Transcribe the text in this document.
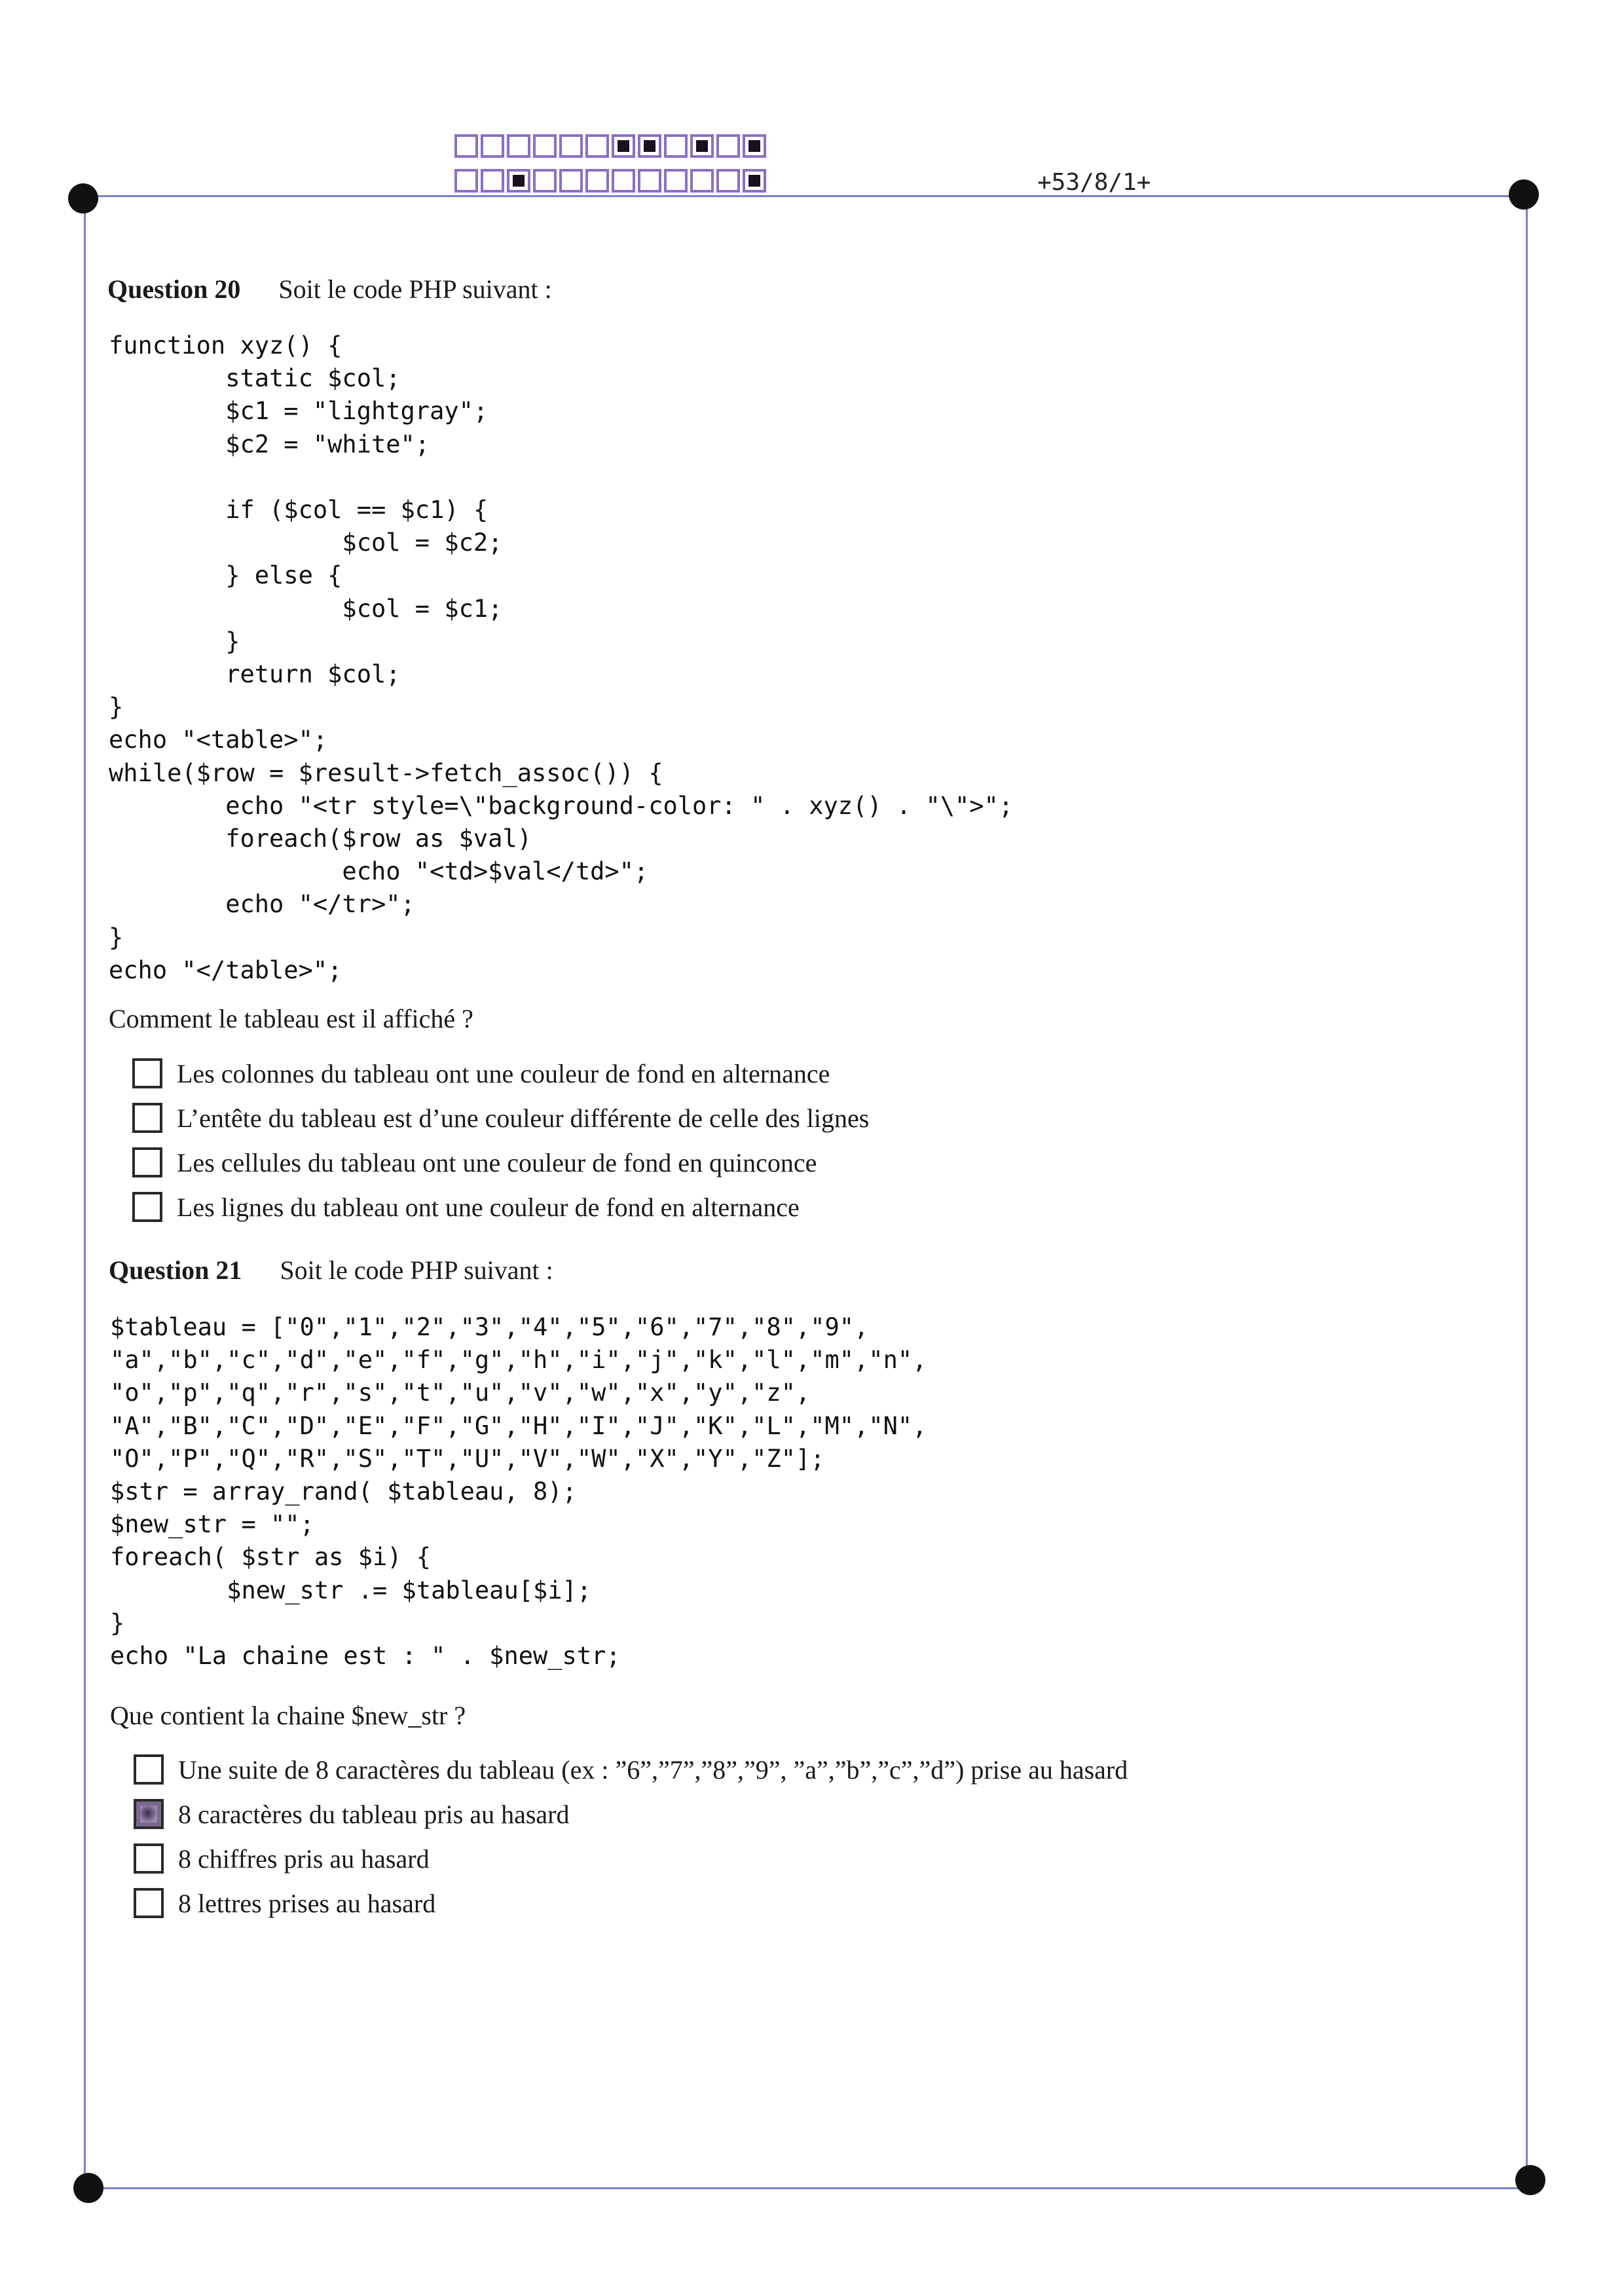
+53/8/1+
Question 20 Soit le code PHP suivant :
function xyz() {
static $col;
$c1 = "lightgray";
$c2 = "white";

if ($col == $c1) {
$col = $c2;
} else {
$col = $c1;
}
return $col;
}
echo "<table>";
while($row = $result->fetch_assoc()) {
echo "<tr style=\"background-color: " . xyz() . "\">";
foreach($row as $val)
echo "<td>$val</td>";
echo "</tr>";
}
echo "</table>";
Comment le tableau est il affiché ?
Les colonnes du tableau ont une couleur de fond en alternance
L’entête du tableau est d’une couleur différente de celle des lignes
Les cellules du tableau ont une couleur de fond en quinconce
Les lignes du tableau ont une couleur de fond en alternance
Question 21 Soit le code PHP suivant :
$tableau = ["0","1","2","3","4","5","6","7","8","9",
"a","b","c","d","e","f","g","h","i","j","k","l","m","n",
"o","p","q","r","s","t","u","v","w","x","y","z",
"A","B","C","D","E","F","G","H","I","J","K","L","M","N",
"O","P","Q","R","S","T","U","V","W","X","Y","Z"];
$str = array_rand( $tableau, 8);
$new_str = "";
foreach( $str as $i) {
$new_str .= $tableau[$i];
}
echo "La chaine est : " . $new_str;
Que contient la chaine $new_str ?
Une suite de 8 caractères du tableau (ex : ”6”,”7”,”8”,”9”, ”a”,”b”,”c”,”d”) prise au hasard
8 caractères du tableau pris au hasard
8 chiffres pris au hasard
8 lettres prises au hasard
